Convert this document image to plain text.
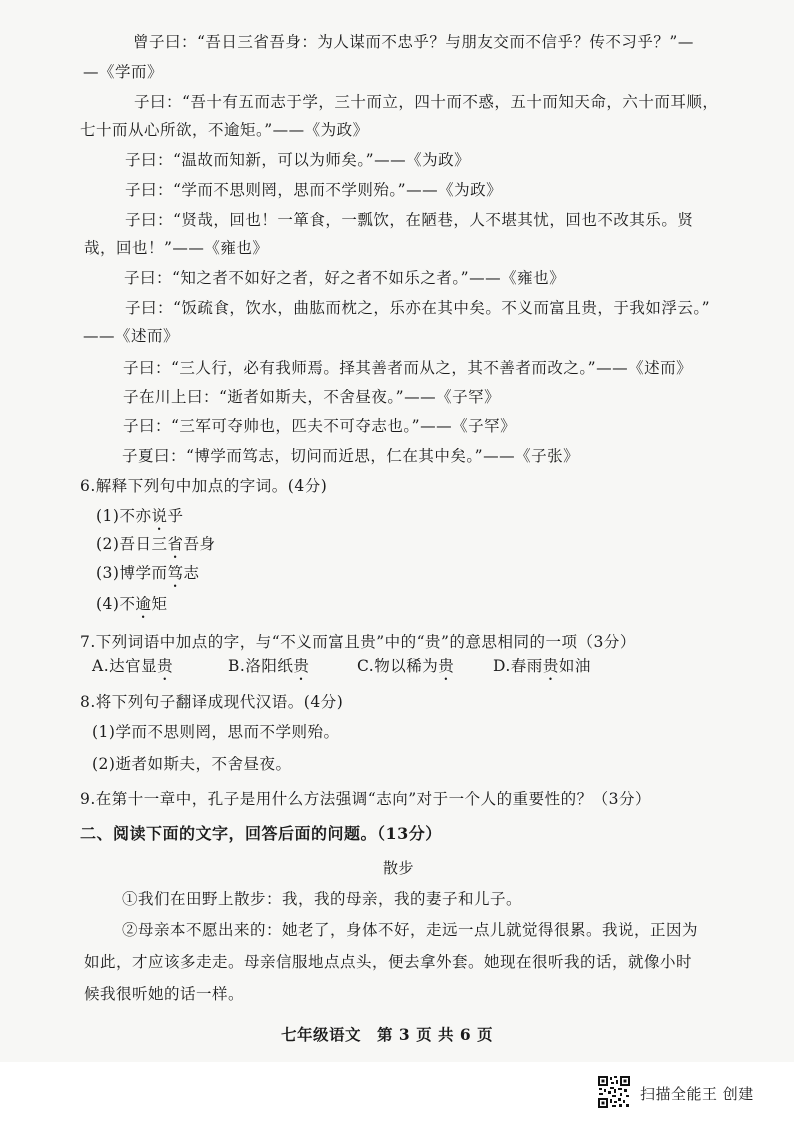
曾子曰：“吾日三省吾身：为人谋而不忠乎？与朋友交而不信乎？传不习乎？”—
—《学而》
子曰：“吾十有五而志于学，三十而立，四十而不惑，五十而知天命，六十而耳顺，
七十而从心所欲，不逾矩。”——《为政》
子曰：“温故而知新，可以为师矣。”——《为政》
子曰：“学而不思则罔，思而不学则殆。”——《为政》
子曰：“贤哉，回也！一箪食，一瓢饮，在陋巷，人不堪其忧，回也不改其乐。贤
哉，回也！”——《雍也》
子曰：“知之者不如好之者，好之者不如乐之者。”——《雍也》
子曰：“饭疏食，饮水，曲肱而枕之，乐亦在其中矣。不义而富且贵，于我如浮云。”
——《述而》
子曰：“三人行，必有我师焉。择其善者而从之，其不善者而改之。”——《述而》
子在川上曰：“逝者如斯夫，不舍昼夜。”——《子罕》
子曰：“三军可夺帅也，匹夫不可夺志也。”——《子罕》
子夏曰：“博学而笃志，切问而近思，仁在其中矣。”——《子张》
6.解释下列句中加点的字词。(4分)
(1)不亦说乎
(2)吾日三省吾身
(3)博学而笃志
(4)不逾矩
7.下列词语中加点的字，与“不义而富且贵”中的“贵”的意思相同的一项（3分）
A.达官显贵	B.洛阳纸贵	C.物以稀为贵 D.春雨贵如油
8.将下列句子翻译成现代汉语。(4分)
(1)学而不思则罔，思而不学则殆。
(2)逝者如斯夫，不舍昼夜。
9.在第十一章中，孔子是用什么方法强调“志向”对于一个人的重要性的？（3分）
二、阅读下面的文字，回答后面的问题。（13分）
散步
①我们在田野上散步：我，我的母亲，我的妻子和儿子。
②母亲本不愿出来的：她老了，身体不好，走远一点儿就觉得很累。我说，正因为
如此，才应该多走走。母亲信服地点点头，便去拿外套。她现在很听我的话，就像小时
候我很听她的话一样。
七年级语文　第 3 页 共 6 页
扫描全能王 创建
